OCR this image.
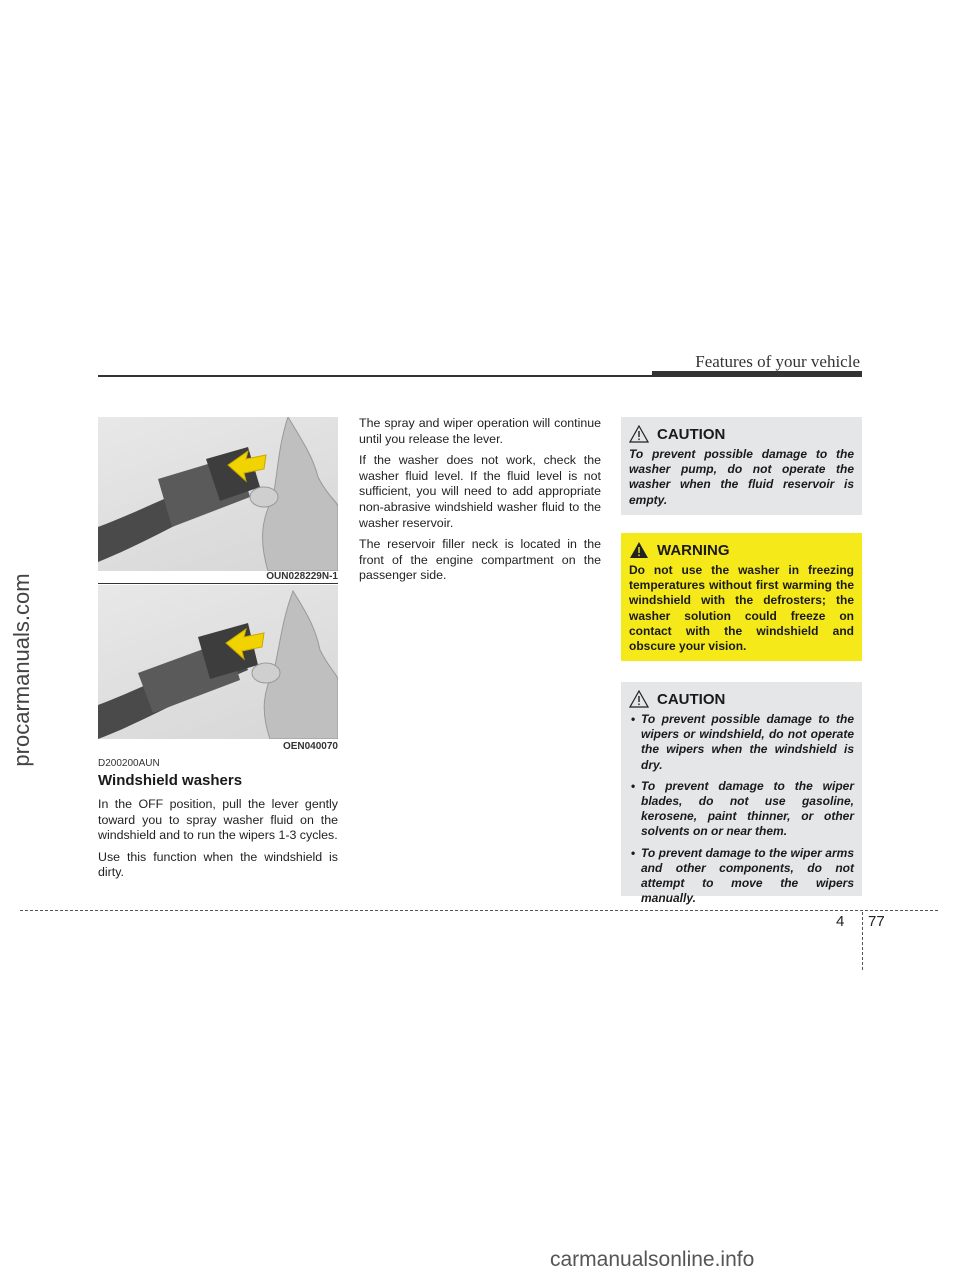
procarmanuals.com
Features of your vehicle
OUN028229N-1
OEN040070
D200200AUN
Windshield washers

In the OFF position, pull the lever gently toward you to spray washer fluid on the windshield and to run the wipers 1-3 cycles.

Use this function when the windshield is dirty.

The spray and wiper operation will continue until you release the lever.

If the washer does not work, check the washer fluid level. If the fluid level is not sufficient, you will need to add appropriate non-abrasive windshield washer fluid to the washer reservoir.

The reservoir filler neck is located in the front of the engine compartment on the passenger side.

CAUTION
To prevent possible damage to the washer pump, do not operate the washer when the fluid reservoir is empty.
WARNING
Do not use the washer in freezing temperatures without first warming the windshield with the defrosters; the washer solution could freeze on contact with the windshield and obscure your vision.
CAUTION
• To prevent possible damage to the wipers or windshield, do not operate the wipers when the windshield is dry.
• To prevent damage to the wiper blades, do not use gasoline, kerosene, paint thinner, or other solvents on or near them.
• To prevent damage to the wiper arms and other components, do not attempt to move the wipers manually.
4 77
carmanualsonline.info
